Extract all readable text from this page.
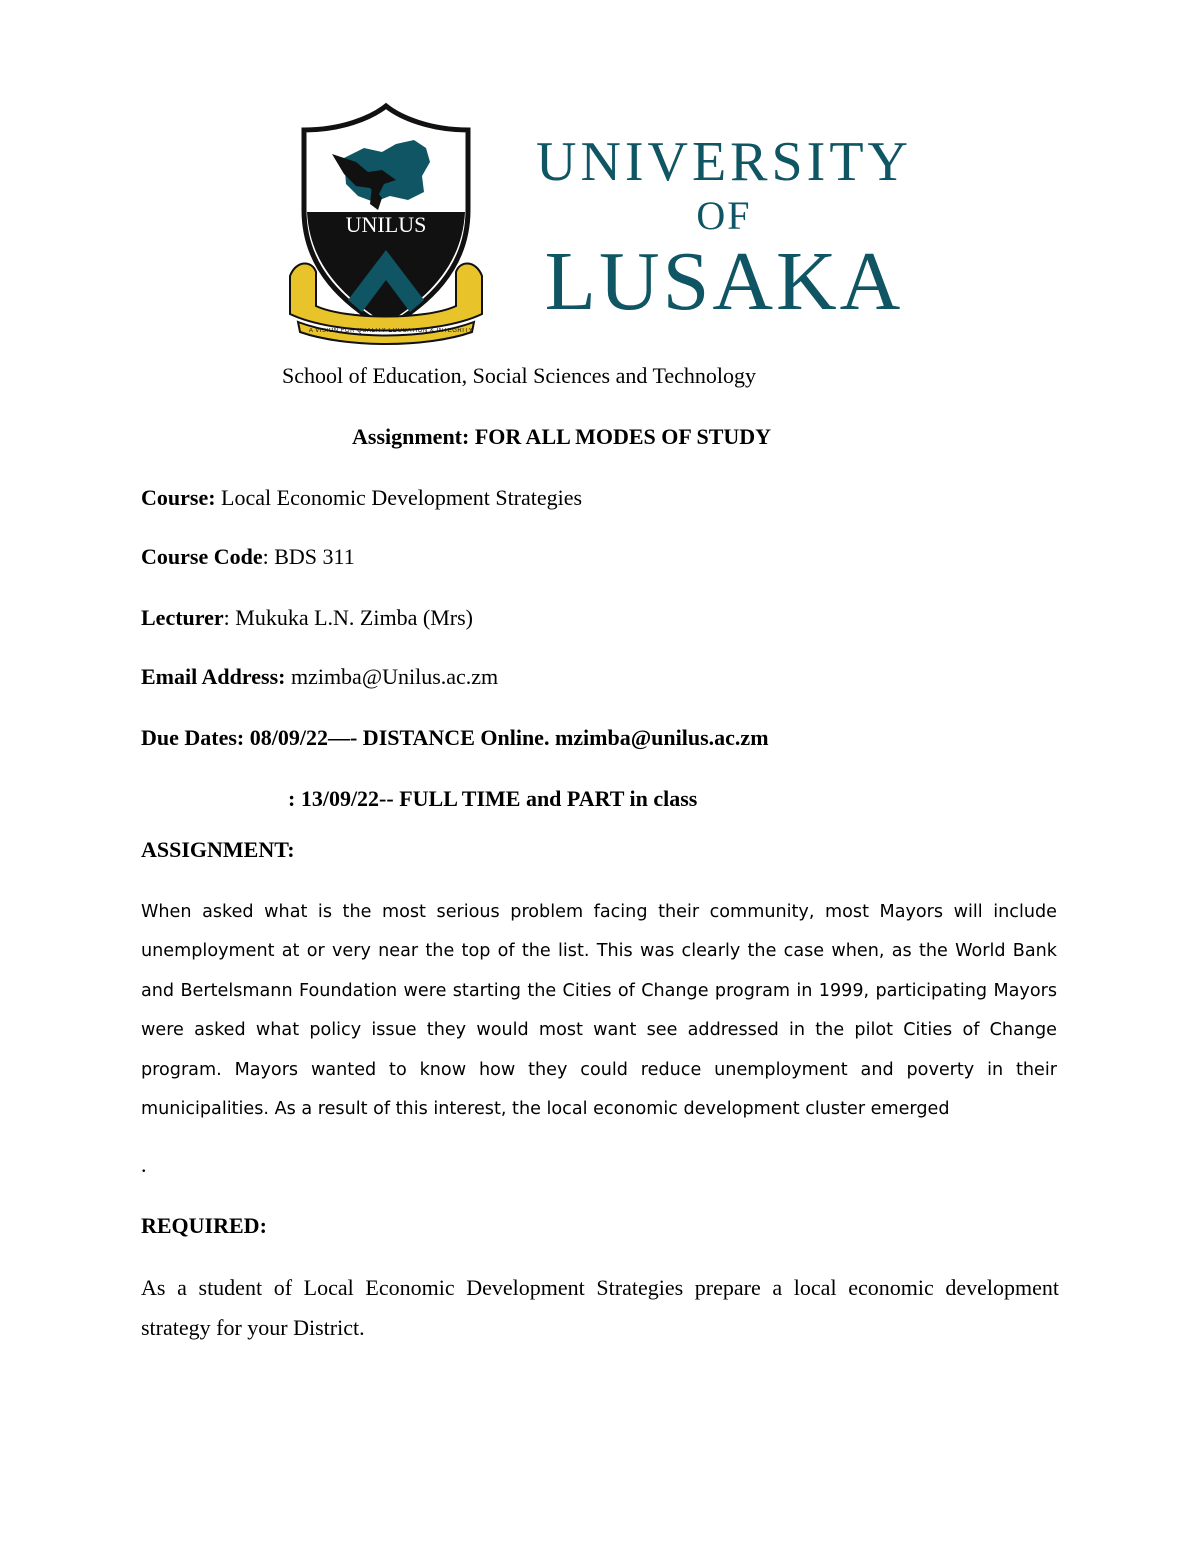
UNILUS
A VISION FOR QUALITY EDUCATION & INTEGRITY
UNIVERSITY
OF
LUSAKA
School of Education, Social Sciences and Technology
Assignment: FOR ALL MODES OF STUDY
Course: Local Economic Development Strategies
Course Code: BDS 311
Lecturer: Mukuka L.N. Zimba (Mrs)
Email Address: mzimba@Unilus.ac.zm
Due Dates: 08/09/22—- DISTANCE Online. mzimba@unilus.ac.zm
: 13/09/22-- FULL TIME and PART in class
ASSIGNMENT:
When asked what is the most serious problem facing their community, most Mayors will include unemployment at or very near the top of the list. This was clearly the case when, as the World Bank and Bertelsmann Foundation were starting the Cities of Change program in 1999, participating Mayors were asked what policy issue they would most want see addressed in the pilot Cities of Change program. Mayors wanted to know how they could reduce unemployment and poverty in their municipalities. As a result of this interest, the local economic development cluster emerged
.
REQUIRED:
As a student of Local Economic Development Strategies prepare a local economic development strategy for your District.
